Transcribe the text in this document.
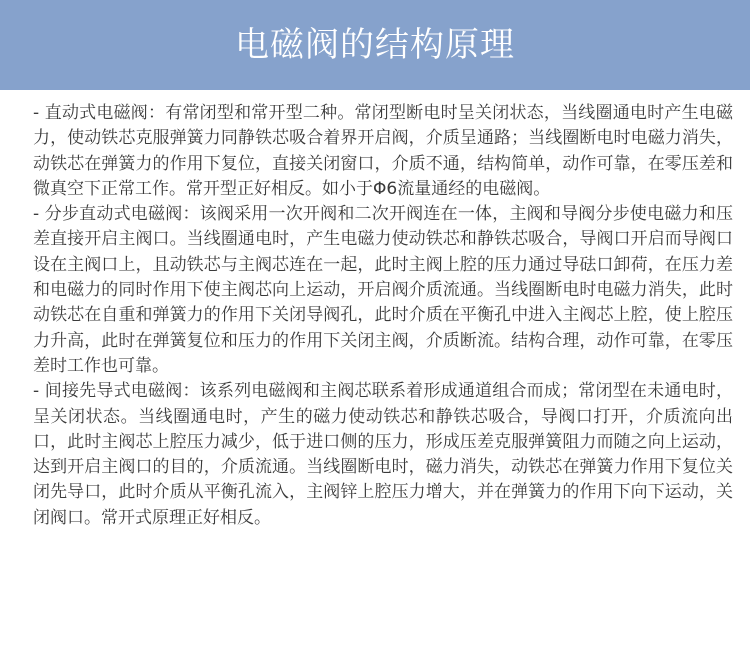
电磁阀的结构原理

- 直动式电磁阀：有常闭型和常开型二种。常闭型断电时呈关闭状态，当线圈通电时产生电磁力，使动铁芯克服弹簧力同静铁芯吸合着界开启阀，介质呈通路；当线圈断电时电磁力消失，动铁芯在弹簧力的作用下复位，直接关闭窗口，介质不通，结构简单，动作可靠，在零压差和微真空下正常工作。常开型正好相反。如小于Φ6流量通经的电磁阀。

- 分步直动式电磁阀：该阀采用一次开阀和二次开阀连在一体，主阀和导阀分步使电磁力和压差直接开启主阀口。当线圈通电时，产生电磁力使动铁芯和静铁芯吸合，导阀口开启而导阀口设在主阀口上，且动铁芯与主阀芯连在一起，此时主阀上腔的压力通过导砝口卸荷，在压力差和电磁力的同时作用下使主阀芯向上运动，开启阀介质流通。当线圈断电时电磁力消失，此时动铁芯在自重和弹簧力的作用下关闭导阀孔，此时介质在平衡孔中进入主阀芯上腔，使上腔压力升高，此时在弹簧复位和压力的作用下关闭主阀，介质断流。结构合理，动作可靠，在零压差时工作也可靠。

- 间接先导式电磁阀：该系列电磁阀和主阀芯联系着形成通道组合而成；常闭型在未通电时，呈关闭状态。当线圈通电时，产生的磁力使动铁芯和静铁芯吸合，导阀口打开，介质流向出口，此时主阀芯上腔压力减少，低于进口侧的压力，形成压差克服弹簧阻力而随之向上运动，达到开启主阀口的目的，介质流通。当线圈断电时，磁力消失，动铁芯在弹簧力作用下复位关闭先导口，此时介质从平衡孔流入，主阀锌上腔压力增大，并在弹簧力的作用下向下运动，关闭阀口。常开式原理正好相反。
